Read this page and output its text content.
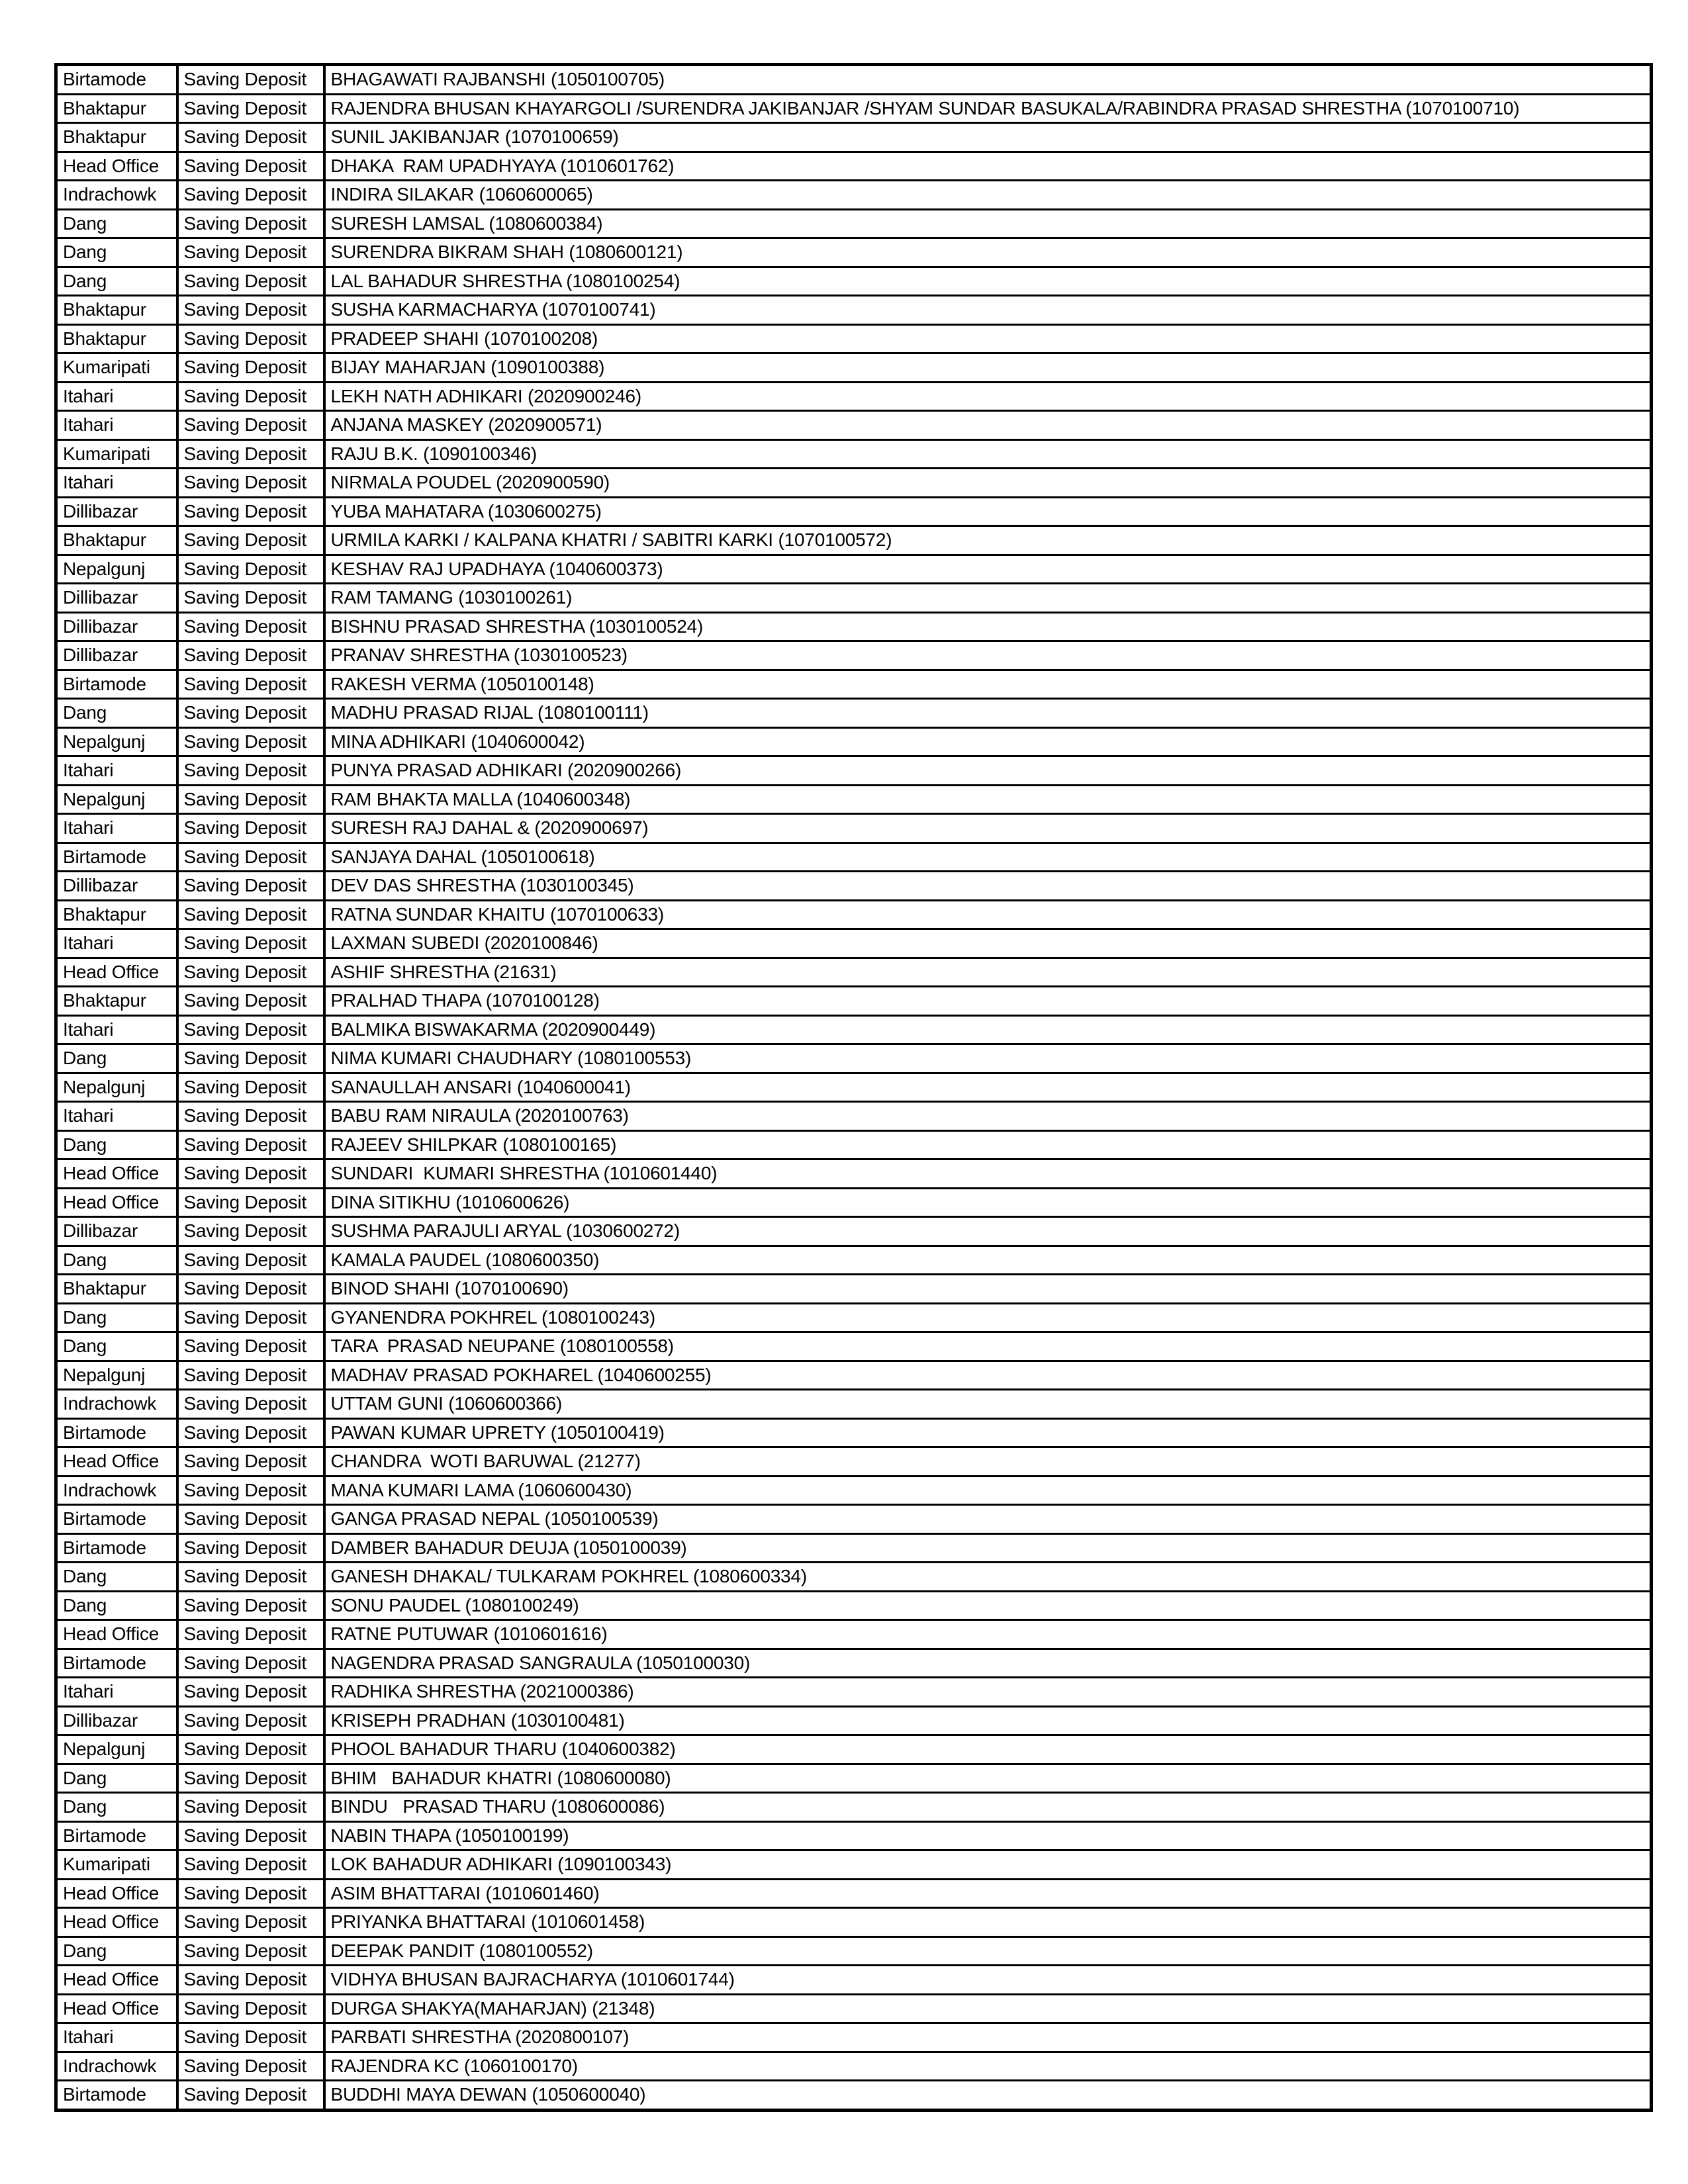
Birtamode	Saving Deposit	BHAGAWATI RAJBANSHI (1050100705)
Bhaktapur	Saving Deposit	RAJENDRA BHUSAN KHAYARGOLI /SURENDRA JAKIBANJAR /SHYAM SUNDAR BASUKALA/RABINDRA PRASAD SHRESTHA (1070100710)
Bhaktapur	Saving Deposit	SUNIL JAKIBANJAR (1070100659)
Head Office	Saving Deposit	DHAKA  RAM UPADHYAYA (1010601762)
Indrachowk	Saving Deposit	INDIRA SILAKAR (1060600065)
Dang	Saving Deposit	SURESH LAMSAL (1080600384)
Dang	Saving Deposit	SURENDRA BIKRAM SHAH (1080600121)
Dang	Saving Deposit	LAL BAHADUR SHRESTHA (1080100254)
Bhaktapur	Saving Deposit	SUSHA KARMACHARYA (1070100741)
Bhaktapur	Saving Deposit	PRADEEP SHAHI (1070100208)
Kumaripati	Saving Deposit	BIJAY MAHARJAN (1090100388)
Itahari	Saving Deposit	LEKH NATH ADHIKARI (2020900246)
Itahari	Saving Deposit	ANJANA MASKEY (2020900571)
Kumaripati	Saving Deposit	RAJU B.K. (1090100346)
Itahari	Saving Deposit	NIRMALA POUDEL (2020900590)
Dillibazar	Saving Deposit	YUBA MAHATARA (1030600275)
Bhaktapur	Saving Deposit	URMILA KARKI / KALPANA KHATRI / SABITRI KARKI (1070100572)
Nepalgunj	Saving Deposit	KESHAV RAJ UPADHAYA (1040600373)
Dillibazar	Saving Deposit	RAM TAMANG (1030100261)
Dillibazar	Saving Deposit	BISHNU PRASAD SHRESTHA (1030100524)
Dillibazar	Saving Deposit	PRANAV SHRESTHA (1030100523)
Birtamode	Saving Deposit	RAKESH VERMA (1050100148)
Dang	Saving Deposit	MADHU PRASAD RIJAL (1080100111)
Nepalgunj	Saving Deposit	MINA ADHIKARI (1040600042)
Itahari	Saving Deposit	PUNYA PRASAD ADHIKARI (2020900266)
Nepalgunj	Saving Deposit	RAM BHAKTA MALLA (1040600348)
Itahari	Saving Deposit	SURESH RAJ DAHAL & (2020900697)
Birtamode	Saving Deposit	SANJAYA DAHAL (1050100618)
Dillibazar	Saving Deposit	DEV DAS SHRESTHA (1030100345)
Bhaktapur	Saving Deposit	RATNA SUNDAR KHAITU (1070100633)
Itahari	Saving Deposit	LAXMAN SUBEDI (2020100846)
Head Office	Saving Deposit	ASHIF SHRESTHA (21631)
Bhaktapur	Saving Deposit	PRALHAD THAPA (1070100128)
Itahari	Saving Deposit	BALMIKA BISWAKARMA (2020900449)
Dang	Saving Deposit	NIMA KUMARI CHAUDHARY (1080100553)
Nepalgunj	Saving Deposit	SANAULLAH ANSARI (1040600041)
Itahari	Saving Deposit	BABU RAM NIRAULA (2020100763)
Dang	Saving Deposit	RAJEEV SHILPKAR (1080100165)
Head Office	Saving Deposit	SUNDARI  KUMARI SHRESTHA (1010601440)
Head Office	Saving Deposit	DINA SITIKHU (1010600626)
Dillibazar	Saving Deposit	SUSHMA PARAJULI ARYAL (1030600272)
Dang	Saving Deposit	KAMALA PAUDEL (1080600350)
Bhaktapur	Saving Deposit	BINOD SHAHI (1070100690)
Dang	Saving Deposit	GYANENDRA POKHREL (1080100243)
Dang	Saving Deposit	TARA  PRASAD NEUPANE (1080100558)
Nepalgunj	Saving Deposit	MADHAV PRASAD POKHAREL (1040600255)
Indrachowk	Saving Deposit	UTTAM GUNI (1060600366)
Birtamode	Saving Deposit	PAWAN KUMAR UPRETY (1050100419)
Head Office	Saving Deposit	CHANDRA  WOTI BARUWAL (21277)
Indrachowk	Saving Deposit	MANA KUMARI LAMA (1060600430)
Birtamode	Saving Deposit	GANGA PRASAD NEPAL (1050100539)
Birtamode	Saving Deposit	DAMBER BAHADUR DEUJA (1050100039)
Dang	Saving Deposit	GANESH DHAKAL/ TULKARAM POKHREL (1080600334)
Dang	Saving Deposit	SONU PAUDEL (1080100249)
Head Office	Saving Deposit	RATNE PUTUWAR (1010601616)
Birtamode	Saving Deposit	NAGENDRA PRASAD SANGRAULA (1050100030)
Itahari	Saving Deposit	RADHIKA SHRESTHA (2021000386)
Dillibazar	Saving Deposit	KRISEPH PRADHAN (1030100481)
Nepalgunj	Saving Deposit	PHOOL BAHADUR THARU (1040600382)
Dang	Saving Deposit	BHIM   BAHADUR KHATRI (1080600080)
Dang	Saving Deposit	BINDU   PRASAD THARU (1080600086)
Birtamode	Saving Deposit	NABIN THAPA (1050100199)
Kumaripati	Saving Deposit	LOK BAHADUR ADHIKARI (1090100343)
Head Office	Saving Deposit	ASIM BHATTARAI (1010601460)
Head Office	Saving Deposit	PRIYANKA BHATTARAI (1010601458)
Dang	Saving Deposit	DEEPAK PANDIT (1080100552)
Head Office	Saving Deposit	VIDHYA BHUSAN BAJRACHARYA (1010601744)
Head Office	Saving Deposit	DURGA SHAKYA(MAHARJAN) (21348)
Itahari	Saving Deposit	PARBATI SHRESTHA (2020800107)
Indrachowk	Saving Deposit	RAJENDRA KC (1060100170)
Birtamode	Saving Deposit	BUDDHI MAYA DEWAN (1050600040)
